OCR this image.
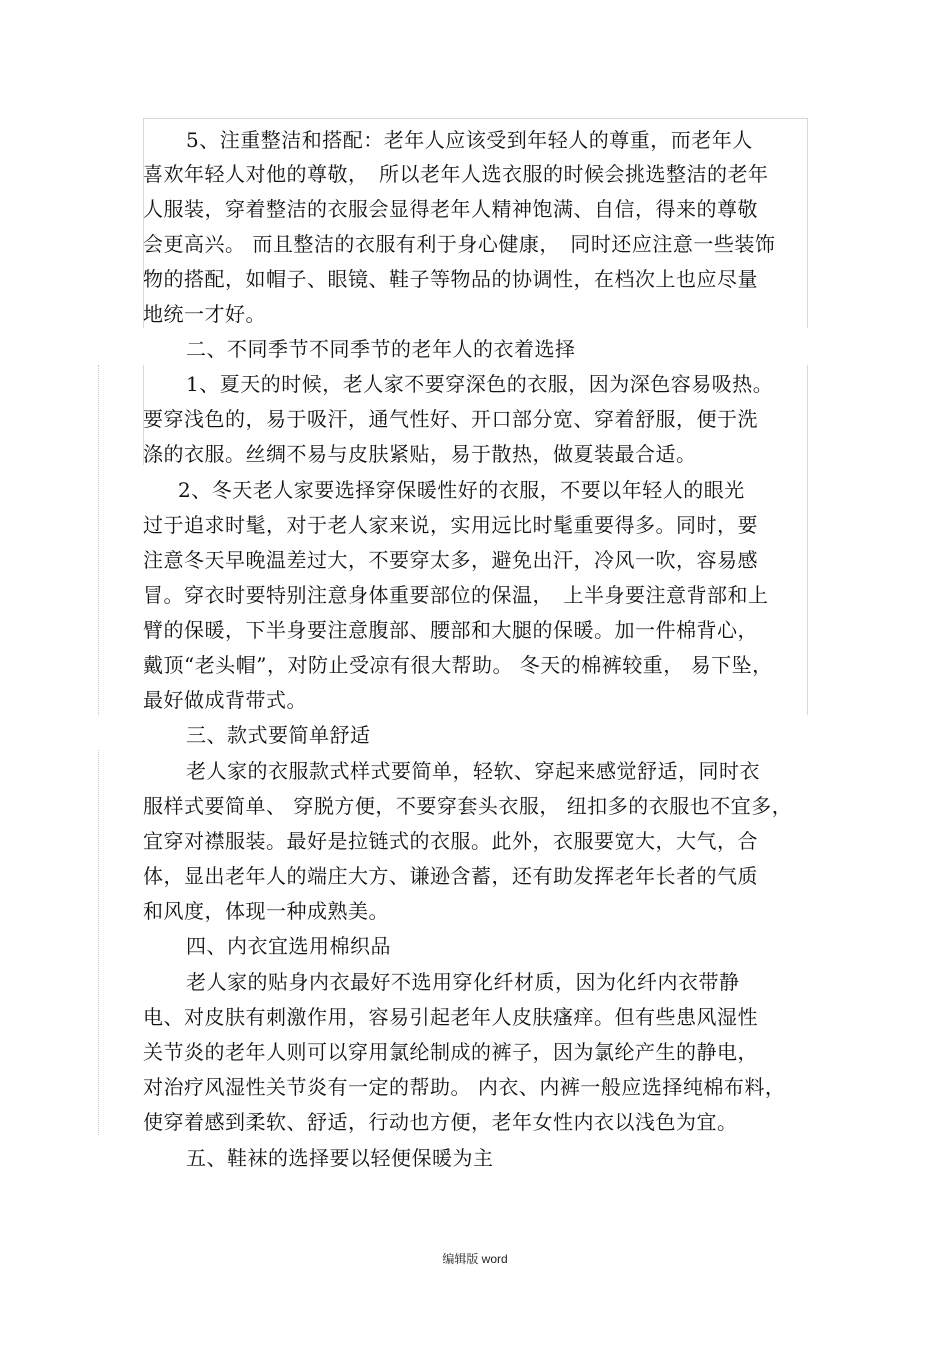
5、注重整洁和搭配：老年人应该受到年轻人的尊重，而老年人
喜欢年轻人对他的尊敬，　所以老年人选衣服的时候会挑选整洁的老年
人服装，穿着整洁的衣服会显得老年人精神饱满、自信，得来的尊敬
会更高兴。 而且整洁的衣服有利于身心健康，　同时还应注意一些装饰
物的搭配，如帽子、眼镜、鞋子等物品的协调性，在档次上也应尽量
地统一才好。
二、不同季节不同季节的老年人的衣着选择
1、夏天的时候，老人家不要穿深色的衣服，因为深色容易吸热。
要穿浅色的，易于吸汗，通气性好、开口部分宽、穿着舒服，便于洗
涤的衣服。丝绸不易与皮肤紧贴，易于散热，做夏装最合适。
2、冬天老人家要选择穿保暖性好的衣服，不要以年轻人的眼光
过于追求时髦，对于老人家来说，实用远比时髦重要得多。同时，要
注意冬天早晚温差过大，不要穿太多，避免出汗，冷风一吹，容易感
冒。穿衣时要特别注意身体重要部位的保温，　上半身要注意背部和上
臂的保暖，下半身要注意腹部、腰部和大腿的保暖。加一件棉背心，
戴顶“老头帽”，对防止受凉有很大帮助。 冬天的棉裤较重， 易下坠，
最好做成背带式。
三、款式要简单舒适
老人家的衣服款式样式要简单，轻软、穿起来感觉舒适，同时衣
服样式要简单、 穿脱方便，不要穿套头衣服， 纽扣多的衣服也不宜多，
宜穿对襟服装。最好是拉链式的衣服。此外，衣服要宽大，大气，合
体，显出老年人的端庄大方、谦逊含蓄，还有助发挥老年长者的气质
和风度，体现一种成熟美。
四、内衣宜选用棉织品
老人家的贴身内衣最好不选用穿化纤材质，因为化纤内衣带静
电、对皮肤有刺激作用，容易引起老年人皮肤瘙痒。但有些患风湿性
关节炎的老年人则可以穿用氯纶制成的裤子，因为氯纶产生的静电，
对治疗风湿性关节炎有一定的帮助。 内衣、内裤一般应选择纯棉布料，
使穿着感到柔软、舒适，行动也方便，老年女性内衣以浅色为宜。
五、鞋袜的选择要以轻便保暖为主
编辑版 word
